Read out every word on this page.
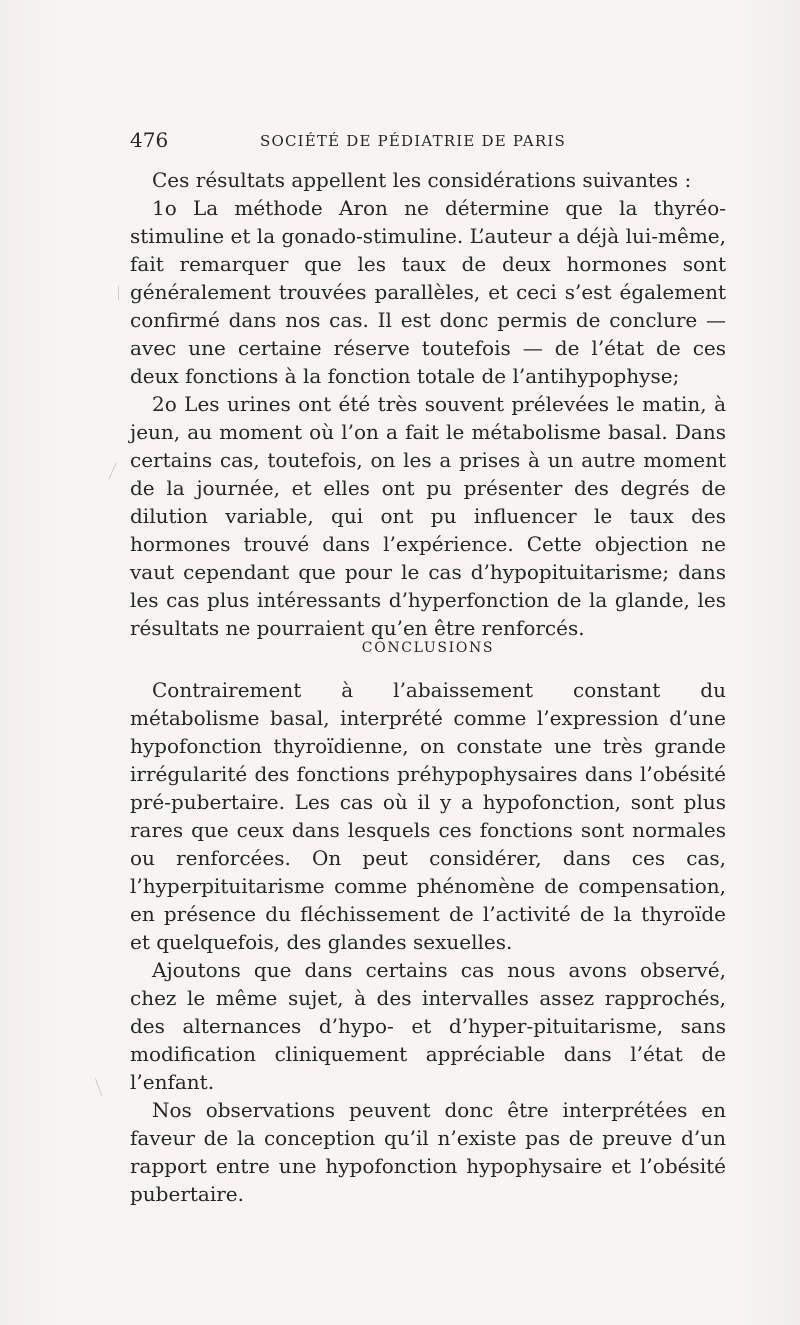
476	SOCIÉTÉ DE PÉDIATRIE DE PARIS

Ces résultats appellent les considérations suivantes :

1o La méthode Aron ne détermine que la thyréo-stimuline et la gonado-stimuline. L’auteur a déjà lui-même, fait remarquer que les taux de deux hormones sont généralement trouvées parallèles, et ceci s’est également confirmé dans nos cas. Il est donc permis de conclure — avec une certaine réserve toutefois — de l’état de ces deux fonctions à la fonction totale de l’antihypophyse;

2o Les urines ont été très souvent prélevées le matin, à jeun, au moment où l’on a fait le métabolisme basal. Dans certains cas, toutefois, on les a prises à un autre moment de la journée, et elles ont pu présenter des degrés de dilution variable, qui ont pu influencer le taux des hormones trouvé dans l’expérience. Cette objection ne vaut cependant que pour le cas d’hypopituitarisme; dans les cas plus intéressants d’hyperfonction de la glande, les résultats ne pourraient qu’en être renforcés.

CONCLUSIONS

Contrairement à l’abaissement constant du métabolisme basal, interprété comme l’expression d’une hypofonction thyroïdienne, on constate une très grande irrégularité des fonctions préhypophysaires dans l’obésité pré-pubertaire. Les cas où il y a hypofonction, sont plus rares que ceux dans lesquels ces fonctions sont normales ou renforcées. On peut considérer, dans ces cas, l’hyperpituitarisme comme phénomène de compensation, en présence du fléchissement de l’activité de la thyroïde et quelquefois, des glandes sexuelles.

Ajoutons que dans certains cas nous avons observé, chez le même sujet, à des intervalles assez rapprochés, des alternances d’hypo- et d’hyper-pituitarisme, sans modification cliniquement appréciable dans l’état de l’enfant.

Nos observations peuvent donc être interprétées en faveur de la conception qu’il n’existe pas de preuve d’un rapport entre une hypofonction hypophysaire et l’obésité pubertaire.
